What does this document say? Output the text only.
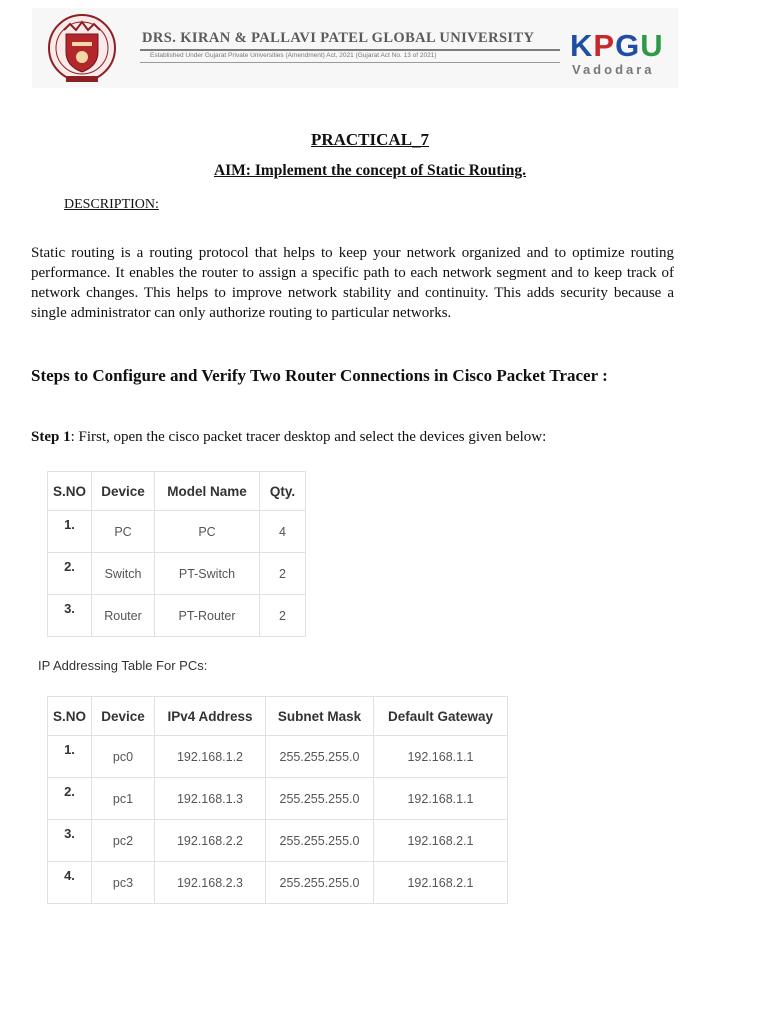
DRS. KIRAN & PALLAVI PATEL GLOBAL UNIVERSITY
Established Under Gujarat Private Universities (Amendment) Act, 2021 (Gujarat Act No. 13 of 2021)	KPGU
Vadodara
PRACTICAL_7
AIM: Implement the concept of Static Routing.
DESCRIPTION:

Static routing is a routing protocol that helps to keep your network organized and to optimize routing performance. It enables the router to assign a specific path to each network segment and to keep track of network changes. This helps to improve network stability and continuity. This adds security because a single administrator can only authorize routing to particular networks.

Steps to Configure and Verify Two Router Connections in Cisco Packet Tracer :

Step 1: First, open the cisco packet tracer desktop and select the devices given below:
S.NO	Device	Model Name	Qty.
1.	PC	PC	4
2.	Switch	PT-Switch	2
3.	Router	PT-Router	2
IP Addressing Table For PCs:
S.NO	Device	IPv4 Address	Subnet Mask	Default Gateway
1.	pc0	192.168.1.2	255.255.255.0	192.168.1.1
2.	pc1	192.168.1.3	255.255.255.0	192.168.1.1
3.	pc2	192.168.2.2	255.255.255.0	192.168.2.1
4.	pc3	192.168.2.3	255.255.255.0	192.168.2.1
